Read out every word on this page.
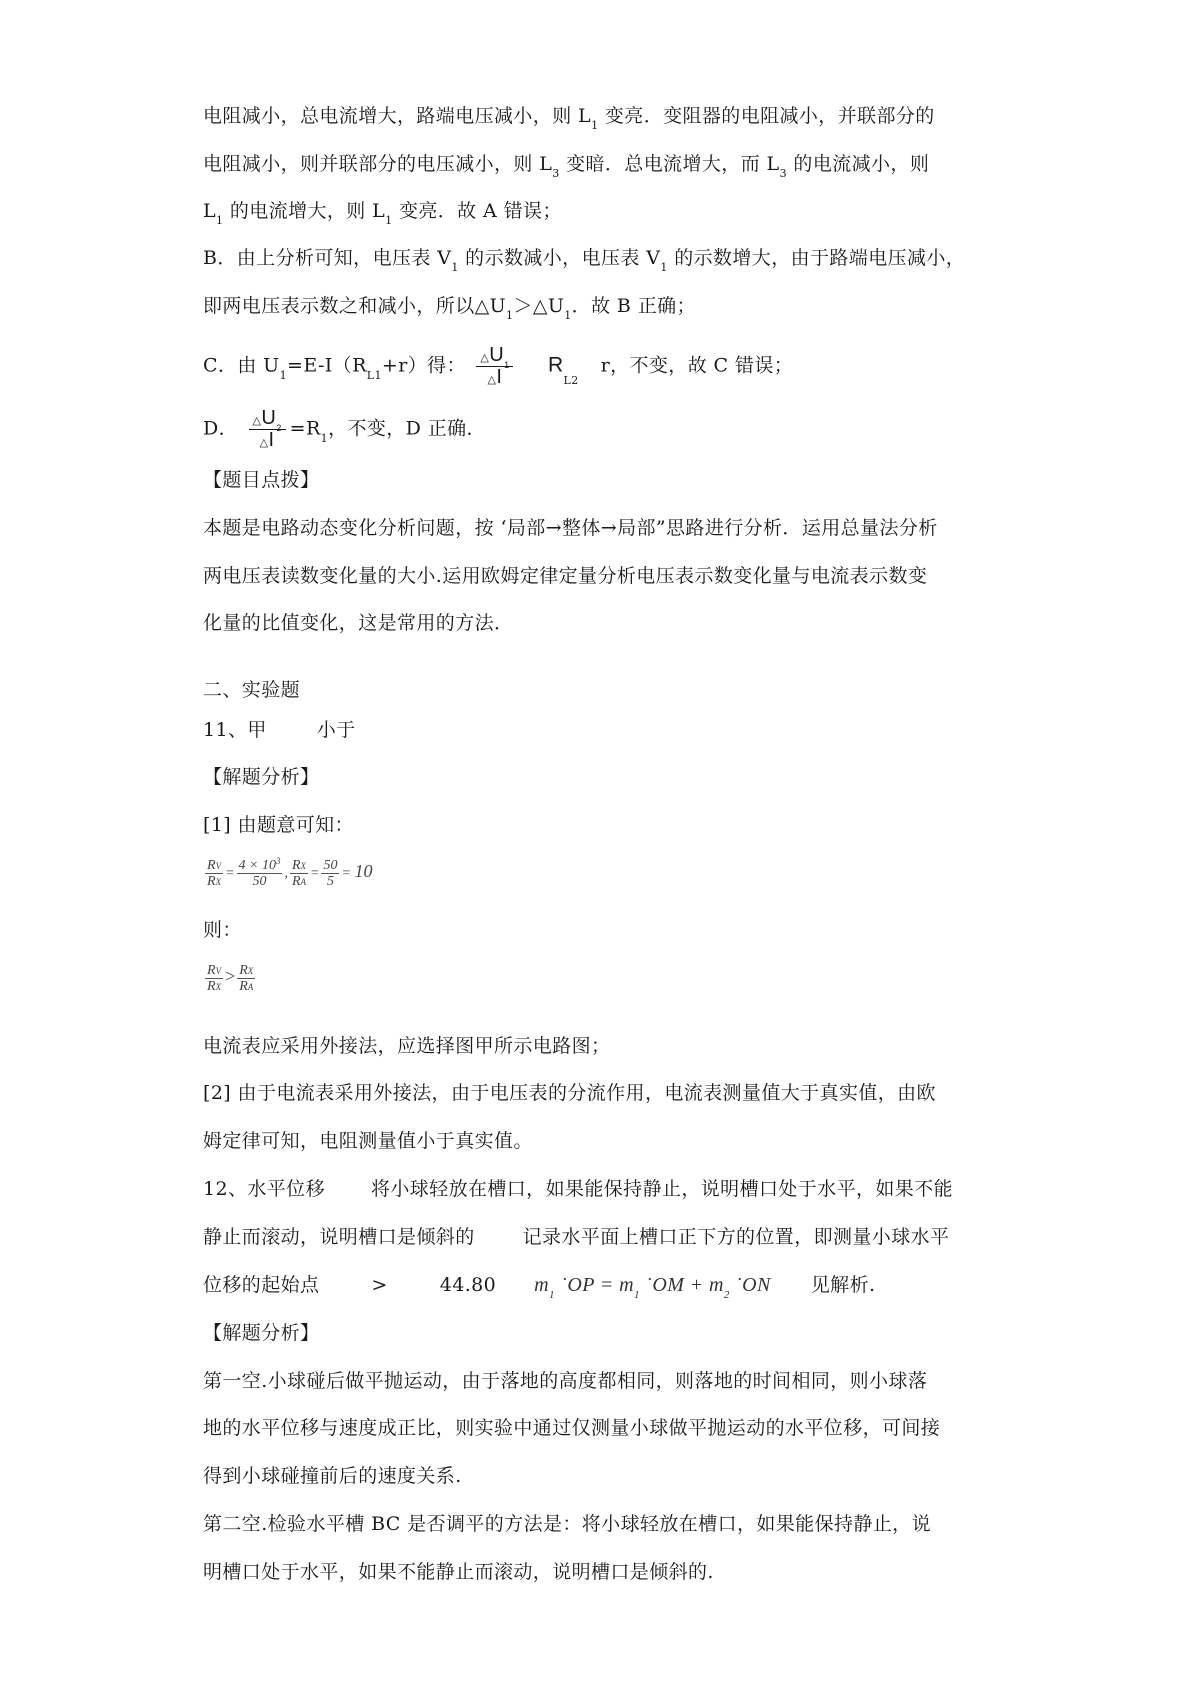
电阻减小，总电流增大，路端电压减小，则 $L_1$ 变亮．变阻器的电阻减小，并联部分的

电阻减小，则并联部分的电压减小，则 $L_3$ 变暗．总电流增大，而 $L_3$ 的电流减小，则

$L_1$ 的电流增大，则 $L_1$ 变亮．故 A 错误；

B．由上分析可知，电压表 $V_1$ 的示数减小，电压表 $V_1$ 的示数增大，由于路端电压减小，

即两电压表示数之和减小，所以$\triangle U_1>\triangle U_1$．故 B 正确；

C．由 $U_1=E-I(R_{L1}+r)$得： $\frac{\triangle U_1}{\triangle I} R_{L2}r$，不变，故 C 错误；

D． $\frac{\triangle U_2}{\triangle I} =R_1$，不变，D 正确．

【题目点拨】

本题是电路动态变化分析问题，按 ‘局部→整体→局部”思路进行分析．运用总量法分析

两电压表读数变化量的大小.运用欧姆定律定量分析电压表示数变化量与电流表示数变

化量的比值变化，这是常用的方法．

二、实验题

11、甲	小于

【解题分析】

[1] 由题意可知：

$\frac{RV}{RX} = \frac{4 \times 10^3}{50}$ , $\frac{RX}{RA} = \frac{50}{5} = 10$

则：

$\frac{RV}{RX} > \frac{RX}{RA}$

电流表应采用外接法，应选择图甲所示电路图；

[2] 由于电流表采用外接法，由于电压表的分流作用，电流表测量值大于真实值，由欧

姆定律可知，电阻测量值小于真实值。

12、水平位移 将小球轻放在槽口，如果能保持静止，说明槽口处于水平，如果不能

静止而滚动，说明槽口是倾斜的	记录水平面上槽口正下方的位置，即测量小球水平

位移的起始点	>	44.80 $m_1$ ˙OP = $m_1$ ˙OM + $m_2$ ˙ON 见解析.

【解题分析】

第一空.小球碰后做平抛运动，由于落地的高度都相同，则落地的时间相同，则小球落

地的水平位移与速度成正比，则实验中通过仅测量小球做平抛运动的水平位移，可间接

得到小球碰撞前后的速度关系.

第二空.检验水平槽 BC 是否调平的方法是：将小球轻放在槽口，如果能保持静止，说

明槽口处于水平，如果不能静止而滚动，说明槽口是倾斜的.
